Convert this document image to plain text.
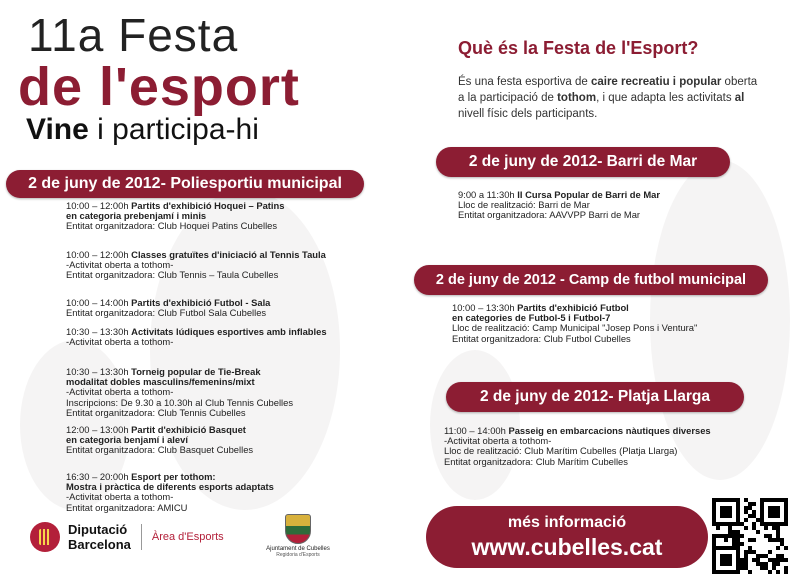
11a Festa
de l'esport
Vine i participa-hi
2 de juny de 2012- Poliesportiu municipal
10:00 – 12:00h Partits d'exhibició Hoquei – Patins
en categoria prebenjamí i minis
Entitat organitzadora: Club Hoquei Patins Cubelles
10:00 – 12:00h Classes gratuïtes d'iniciació al Tennis Taula
-Activitat oberta a tothom-
Entitat organitzadora: Club Tennis – Taula Cubelles
10:00 – 14:00h Partits d'exhibició Futbol - Sala
Entitat organitzadora: Club Futbol Sala Cubelles
10:30 – 13:30h Activitats lúdiques esportives amb inflables
-Activitat oberta a tothom-
10:30 – 13:30h Torneig popular de Tie-Break
modalitat dobles masculins/femenins/mixt
-Activitat oberta a tothom-
Inscripcions: De 9.30 a 10.30h al Club Tennis Cubelles
Entitat organitzadora: Club Tennis Cubelles
12:00 – 13:00h Partit d'exhibició Basquet
en categoria benjamí i aleví
Entitat organitzadora: Club Basquet Cubelles
16:30 – 20:00h Esport per tothom:
Mostra i pràctica de diferents esports adaptats
-Activitat oberta a tothom-
Entitat organitzadora: AMICU
Què és la Festa de l'Esport?
És una festa esportiva de caire recreatiu i popular oberta a la participació de tothom, i que adapta les activitats al nivell físic dels participants.
2 de juny de 2012- Barri de Mar
2 de juny de 2012 - Camp de futbol municipal
2 de juny de 2012- Platja Llarga
9:00 a 11:30h II Cursa Popular de Barri de Mar
Lloc de realització: Barri de Mar
Entitat organitzadora: AAVVPP Barri de Mar
10:00 – 13:30h Partits d'exhibició Futbol
en categories de Futbol-5 i Futbol-7
Lloc de realització: Camp Municipal "Josep Pons i Ventura"
Entitat organitzadora: Club Futbol Cubelles
11:00 – 14:00h Passeig en embarcacions nàutiques diverses
-Activitat oberta a tothom-
Lloc de realització: Club Marítim Cubelles (Platja Llarga)
Entitat organitzadora: Club Marítim Cubelles
Diputació
Barcelona Àrea d'Esports
Ajuntament de Cubelles
Regidoria d'Esports
més informació
www.cubelles.cat
